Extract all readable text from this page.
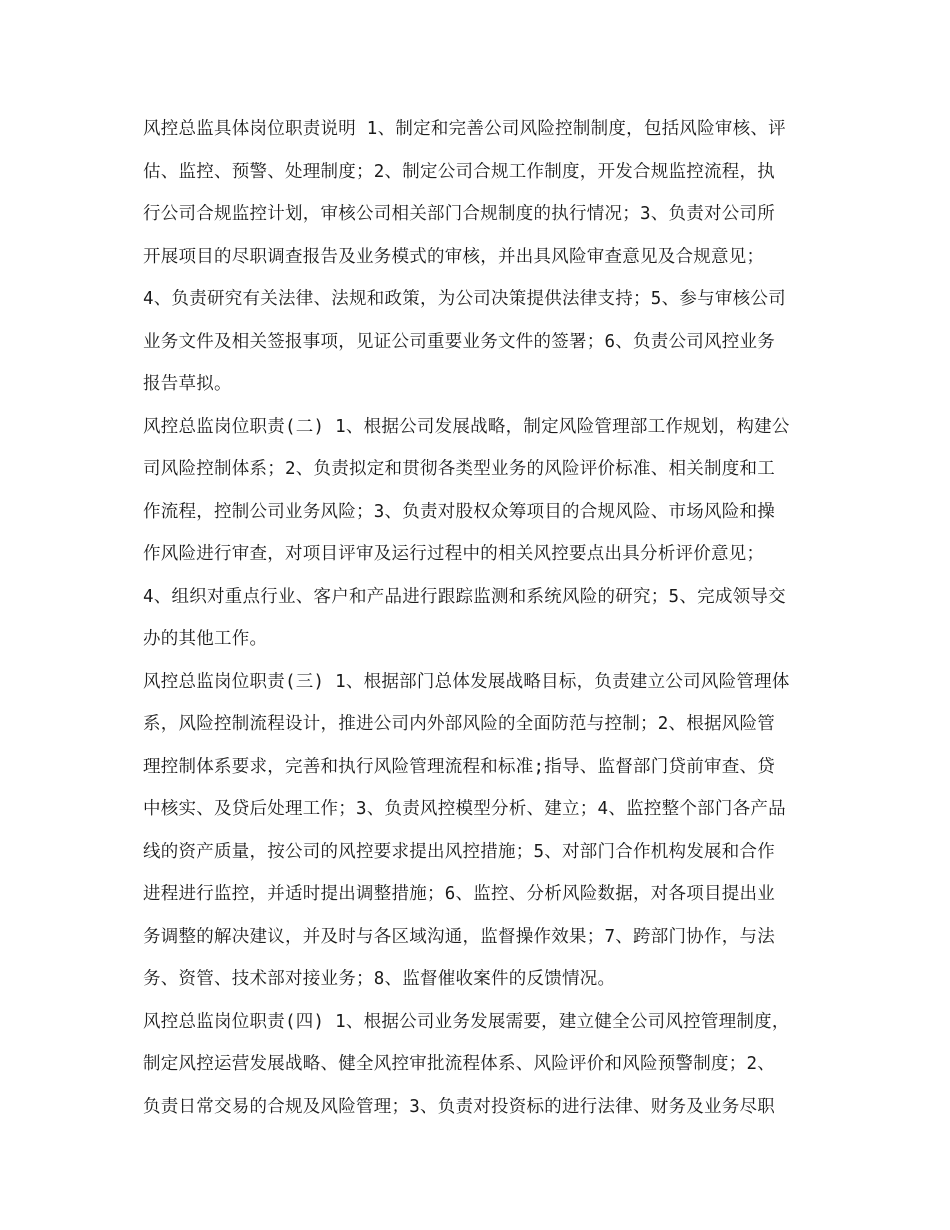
风控总监具体岗位职责说明 1、制定和完善公司风险控制制度，包括风险审核、评
估、监控、预警、处理制度；2、制定公司合规工作制度，开发合规监控流程，执
行公司合规监控计划，审核公司相关部门合规制度的执行情况；3、负责对公司所
开展项目的尽职调查报告及业务模式的审核，并出具风险审查意见及合规意见；
4、负责研究有关法律、法规和政策，为公司决策提供法律支持；5、参与审核公司
业务文件及相关签报事项，见证公司重要业务文件的签署；6、负责公司风控业务
报告草拟。
风控总监岗位职责(二) 1、根据公司发展战略，制定风险管理部工作规划，构建公
司风险控制体系；2、负责拟定和贯彻各类型业务的风险评价标准、相关制度和工
作流程，控制公司业务风险；3、负责对股权众筹项目的合规风险、市场风险和操
作风险进行审查，对项目评审及运行过程中的相关风控要点出具分析评价意见；
4、组织对重点行业、客户和产品进行跟踪监测和系统风险的研究；5、完成领导交
办的其他工作。
风控总监岗位职责(三) 1、根据部门总体发展战略目标，负责建立公司风险管理体
系，风险控制流程设计，推进公司内外部风险的全面防范与控制；2、根据风险管
理控制体系要求，完善和执行风险管理流程和标准;指导、监督部门贷前审查、贷
中核实、及贷后处理工作；3、负责风控模型分析、建立；4、监控整个部门各产品
线的资产质量，按公司的风控要求提出风控措施；5、对部门合作机构发展和合作
进程进行监控，并适时提出调整措施；6、监控、分析风险数据，对各项目提出业
务调整的解决建议，并及时与各区域沟通，监督操作效果；7、跨部门协作，与法
务、资管、技术部对接业务；8、监督催收案件的反馈情况。
风控总监岗位职责(四) 1、根据公司业务发展需要，建立健全公司风控管理制度，
制定风控运营发展战略、健全风控审批流程体系、风险评价和风险预警制度；2、
负责日常交易的合规及风险管理；3、负责对投资标的进行法律、财务及业务尽职
